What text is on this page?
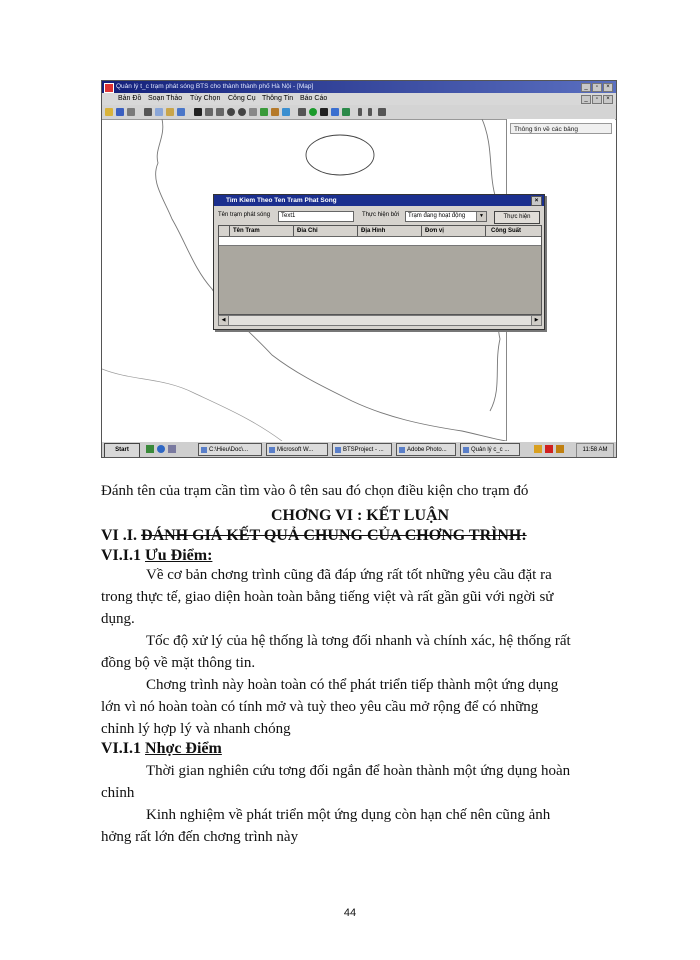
Quản lý t_c trạm phát sóng BTS cho thành thành phố Hà Nội - [Map]	_	▫	×
Bản Đồ Soạn Thảo Tùy Chọn Công Cụ Thông Tin Báo Cáo	_	▫	×
Thông tin về các bảng
Tim Kiem Theo Ten Tram Phat Song	×
Tên trạm phát sóng	Text1	Thực hiện bởi	Trạm đang hoạt động	▼	Thực hiện
Tên Tram	Đia Chỉ	Địa Hình	Đơn vị	Công Suất
◀	▶
Start	C:\Hieu\Doc\...	Microsoft W...	BTSProject - ...	Adobe Photo...	Quản lý c_c ...	11:58 AM
Đánh tên của trạm cần tìm vào ô tên sau đó chọn điều kiện cho trạm đó
CHƠNG VI : KẾT LUẬN
VI .I. ĐÁNH GIÁ KẾT QUẢ CHUNG CỦA CHƠNG TRÌNH:
VI.I.1 Ưu Điểm:
Về cơ bản chơng trình cũng đã đáp ứng rất tốt những yêu cầu đặt ra
trong thực tế, giao diện hoàn toàn bằng tiếng việt và rất gần gũi với ngời sử
dụng.
Tốc độ xử lý của hệ thống là tơng đối nhanh và chính xác, hệ thống rất
đồng bộ về mặt thông tin.
Chơng trình này hoàn toàn có thể phát triển tiếp thành một ứng dụng
lớn vì nó hoàn toàn có tính mở và tuỳ theo yêu cầu mở rộng để có những
chỉnh lý hợp lý và nhanh chóng
VI.I.1 Nhợc Điểm
Thời gian nghiên cứu tơng đối ngắn để hoàn thành một ứng dụng hoàn
chỉnh
Kinh nghiệm về phát triển một ứng dụng còn hạn chế nên cũng ảnh
hởng rất lớn đến chơng trình này
44
